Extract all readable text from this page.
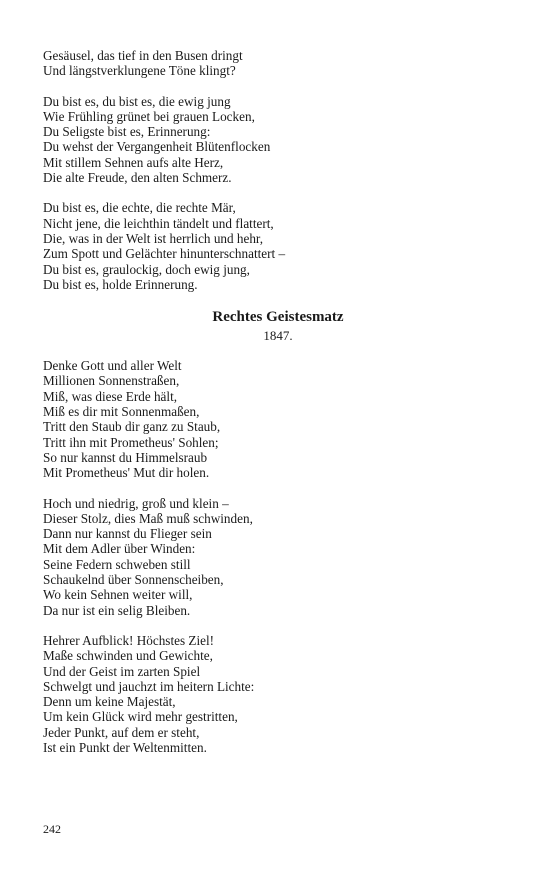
Gesäusel, das tief in den Busen dringt
Und längstverklungene Töne klingt?
Du bist es, du bist es, die ewig jung
Wie Frühling grünet bei grauen Locken,
Du Seligste bist es, Erinnerung:
Du wehst der Vergangenheit Blütenflocken
Mit stillem Sehnen aufs alte Herz,
Die alte Freude, den alten Schmerz.
Du bist es, die echte, die rechte Mär,
Nicht jene, die leichthin tändelt und flattert,
Die, was in der Welt ist herrlich und hehr,
Zum Spott und Gelächter hinunterschnattert –
Du bist es, graulockig, doch ewig jung,
Du bist es, holde Erinnerung.
Rechtes Geistesmatz
1847.
Denke Gott und aller Welt
Millionen Sonnenstraßen,
Miß, was diese Erde hält,
Miß es dir mit Sonnenmaßen,
Tritt den Staub dir ganz zu Staub,
Tritt ihn mit Prometheus' Sohlen;
So nur kannst du Himmelsraub
Mit Prometheus' Mut dir holen.
Hoch und niedrig, groß und klein –
Dieser Stolz, dies Maß muß schwinden,
Dann nur kannst du Flieger sein
Mit dem Adler über Winden:
Seine Federn schweben still
Schaukelnd über Sonnenscheiben,
Wo kein Sehnen weiter will,
Da nur ist ein selig Bleiben.
Hehrer Aufblick! Höchstes Ziel!
Maße schwinden und Gewichte,
Und der Geist im zarten Spiel
Schwelgt und jauchzt im heitern Lichte:
Denn um keine Majestät,
Um kein Glück wird mehr gestritten,
Jeder Punkt, auf dem er steht,
Ist ein Punkt der Weltenmitten.
242
